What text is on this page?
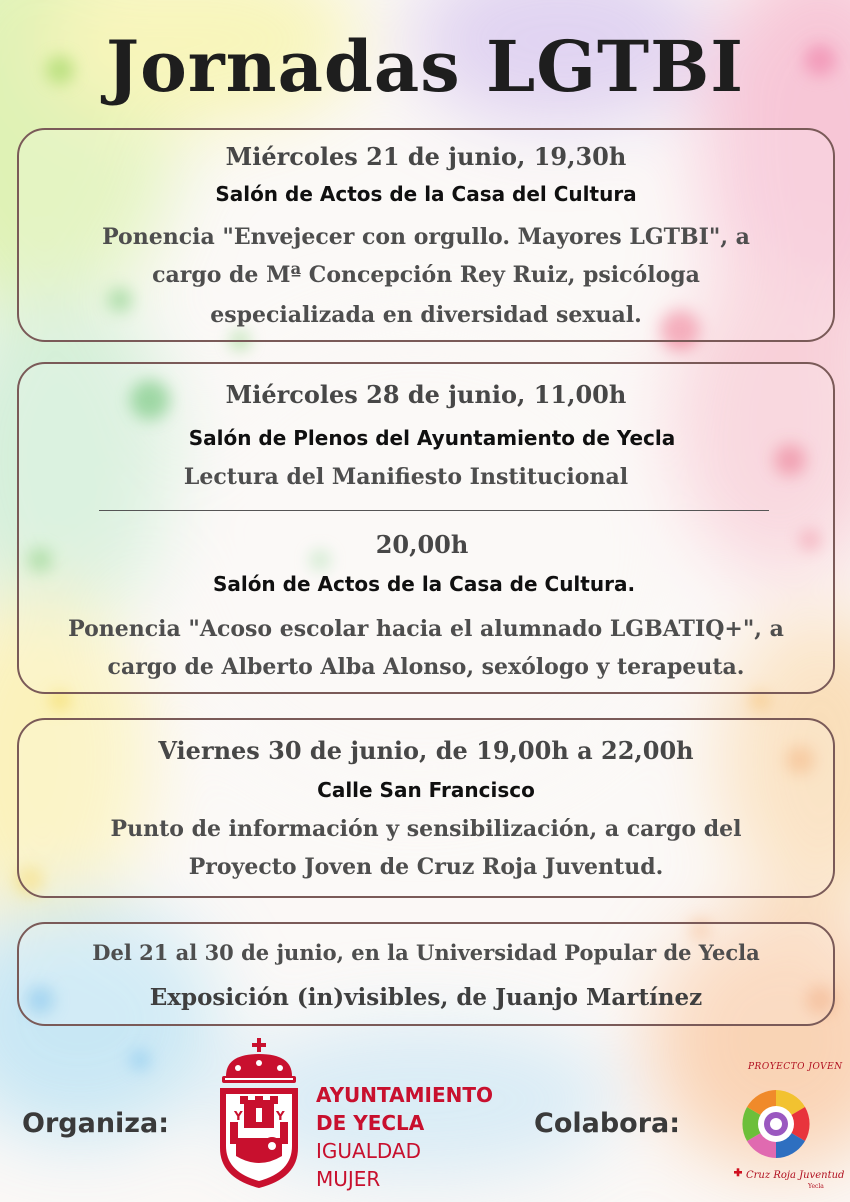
Jornadas LGTBI
Miércoles 21 de junio, 19,30h
Salón de Actos de la Casa del Cultura
Ponencia "Envejecer con orgullo. Mayores LGTBI", a
cargo de Mª Concepción Rey Ruiz, psicóloga
especializada en diversidad sexual.
Miércoles 28 de junio, 11,00h
Salón de Plenos del Ayuntamiento de Yecla
Lectura del Manifiesto Institucional
20,00h
Salón de Actos de la Casa de Cultura.
Ponencia "Acoso escolar hacia el alumnado LGBATIQ+", a
cargo de Alberto Alba Alonso, sexólogo y terapeuta.
Viernes 30 de junio, de 19,00h a 22,00h
Calle San Francisco
Punto de información y sensibilización, a cargo del
Proyecto Joven de Cruz Roja Juventud.
Del 21 al 30 de junio, en la Universidad Popular de Yecla
Exposición (in)visibles, de Juanjo Martínez
Organiza:	Y	Y
AYUNTAMIENTO
DE YECLA
IGUALDAD
MUJER
Colabora:
PROYECTO JOVEN
Cruz Roja Juventud
Yecla
